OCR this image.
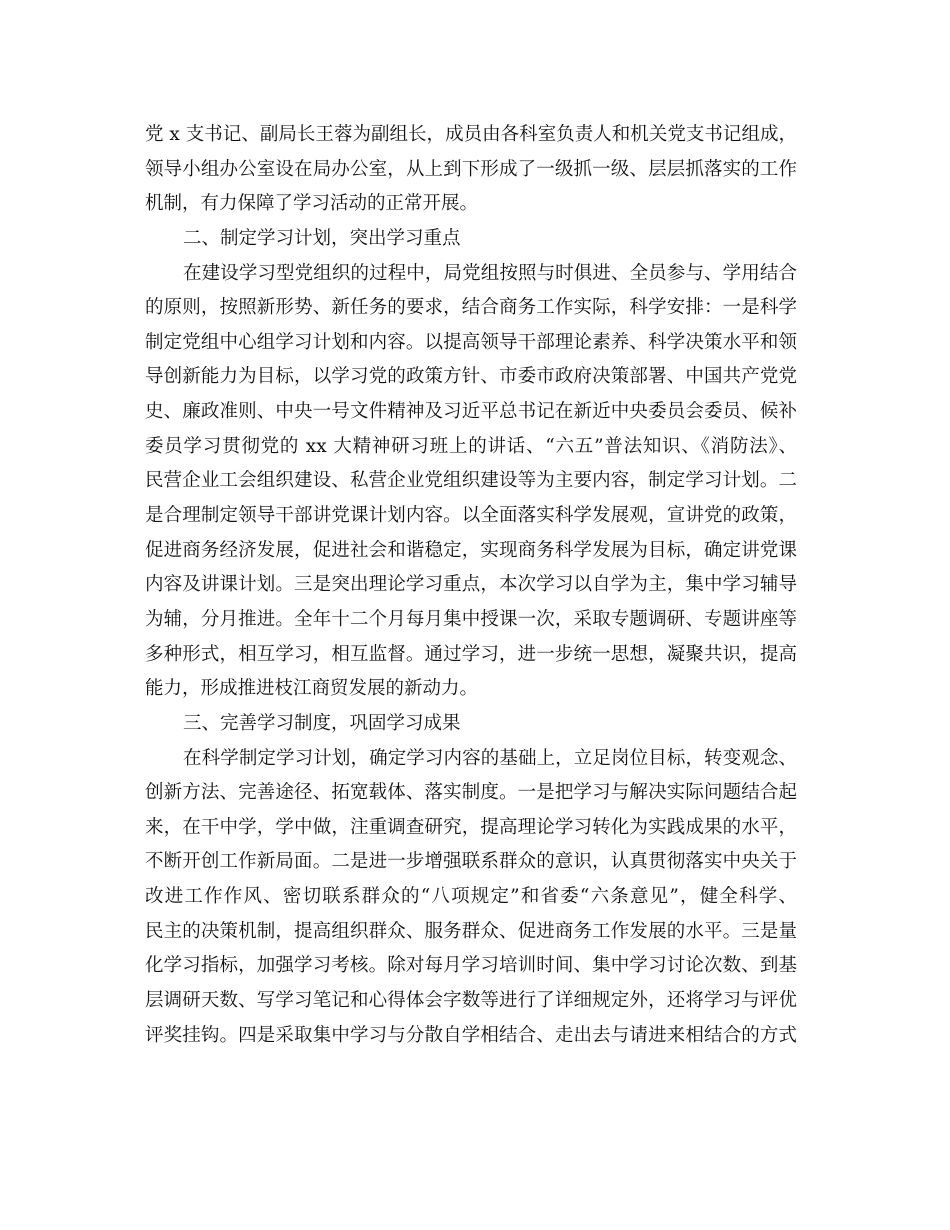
党 x 支书记、副局长王蓉为副组长，成员由各科室负责人和机关党支书记组成，
领导小组办公室设在局办公室，从上到下形成了一级抓一级、层层抓落实的工作
机制，有力保障了学习活动的正常开展。
二、制定学习计划，突出学习重点
在建设学习型党组织的过程中，局党组按照与时俱进、全员参与、学用结合
的原则，按照新形势、新任务的要求，结合商务工作实际，科学安排：一是科学
制定党组中心组学习计划和内容。以提高领导干部理论素养、科学决策水平和领
导创新能力为目标，以学习党的政策方针、市委市政府决策部署、中国共产党党
史、廉政准则、中央一号文件精神及习近平总书记在新近中央委员会委员、候补
委员学习贯彻党的 xx 大精神研习班上的讲话、“六五”普法知识、《消防法》、
民营企业工会组织建设、私营企业党组织建设等为主要内容，制定学习计划。二
是合理制定领导干部讲党课计划内容。以全面落实科学发展观，宣讲党的政策，
促进商务经济发展，促进社会和谐稳定，实现商务科学发展为目标，确定讲党课
内容及讲课计划。三是突出理论学习重点，本次学习以自学为主，集中学习辅导
为辅，分月推进。全年十二个月每月集中授课一次，采取专题调研、专题讲座等
多种形式，相互学习，相互监督。通过学习，进一步统一思想，凝聚共识，提高
能力，形成推进枝江商贸发展的新动力。
三、完善学习制度，巩固学习成果
在科学制定学习计划，确定学习内容的基础上，立足岗位目标，转变观念、
创新方法、完善途径、拓宽载体、落实制度。一是把学习与解决实际问题结合起
来，在干中学，学中做，注重调查研究，提高理论学习转化为实践成果的水平，
不断开创工作新局面。二是进一步增强联系群众的意识，认真贯彻落实中央关于
改进工作作风、密切联系群众的“八项规定”和省委“六条意见”，健全科学、
民主的决策机制，提高组织群众、服务群众、促进商务工作发展的水平。三是量
化学习指标，加强学习考核。除对每月学习培训时间、集中学习讨论次数、到基
层调研天数、写学习笔记和心得体会字数等进行了详细规定外，还将学习与评优
评奖挂钩。四是采取集中学习与分散自学相结合、走出去与请进来相结合的方式
